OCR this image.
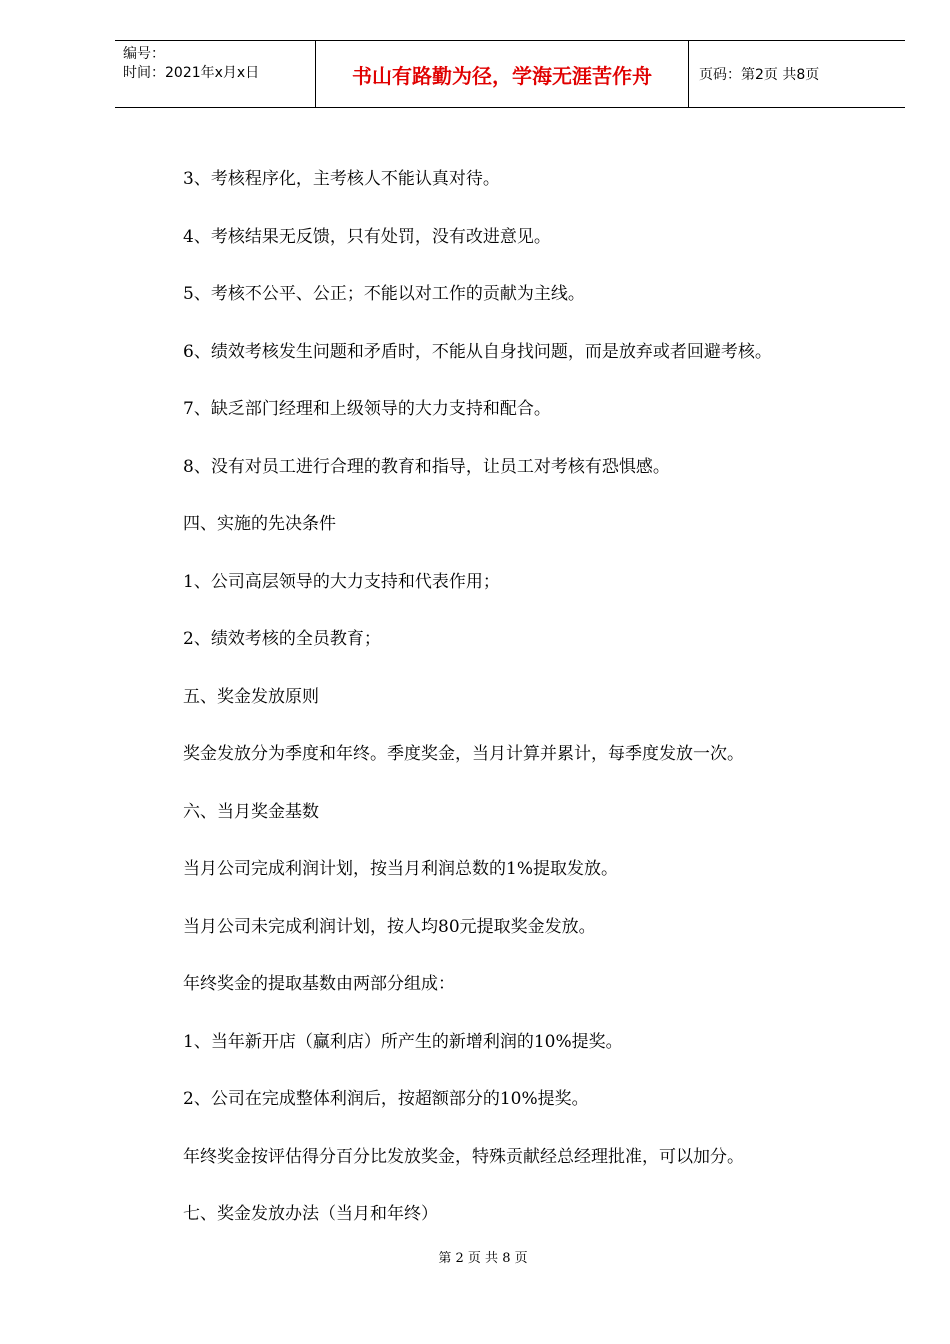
编号：
时间：2021年x月x日	书山有路勤为径，学海无涯苦作舟	页码：第2页 共8页
3、考核程序化，主考核人不能认真对待。
4、考核结果无反馈，只有处罚，没有改进意见。
5、考核不公平、公正；不能以对工作的贡献为主线。
6、绩效考核发生问题和矛盾时，不能从自身找问题，而是放弃或者回避考核。
7、缺乏部门经理和上级领导的大力支持和配合。
8、没有对员工进行合理的教育和指导，让员工对考核有恐惧感。
四、实施的先决条件
1、公司高层领导的大力支持和代表作用；
2、绩效考核的全员教育；
五、奖金发放原则
奖金发放分为季度和年终。季度奖金，当月计算并累计，每季度发放一次。
六、当月奖金基数
当月公司完成利润计划，按当月利润总数的1%提取发放。
当月公司未完成利润计划，按人均80元提取奖金发放。
年终奖金的提取基数由两部分组成：
1、当年新开店（赢利店）所产生的新增利润的10%提奖。
2、公司在完成整体利润后，按超额部分的10%提奖。
年终奖金按评估得分百分比发放奖金，特殊贡献经总经理批准，可以加分。
七、奖金发放办法（当月和年终）
第 2 页 共 8 页
